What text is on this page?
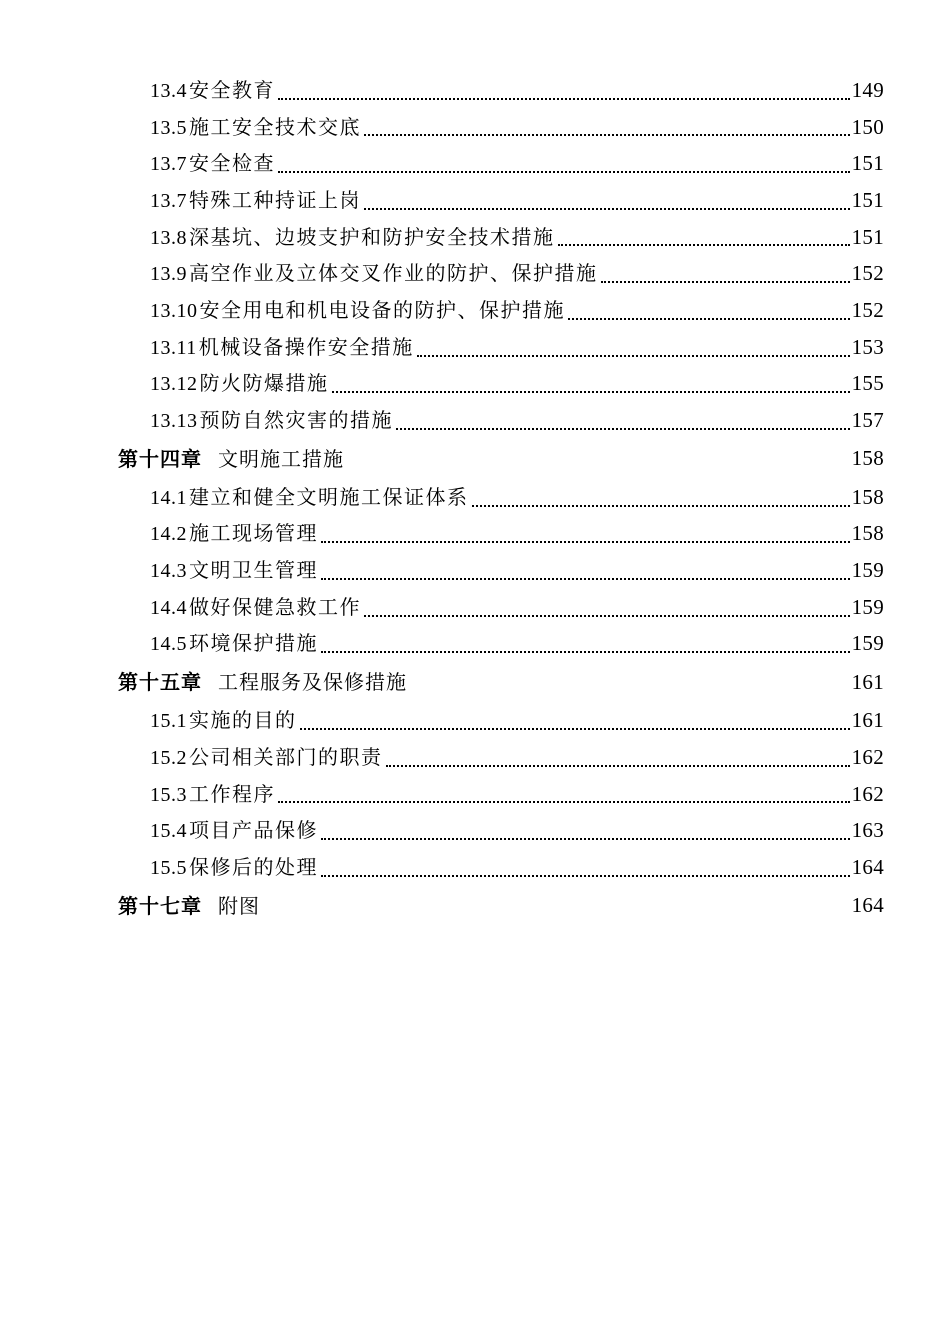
13.4 安全教育	149
13.5 施工安全技术交底	150
13.7 安全检查	151
13.7 特殊工种持证上岗	151
13.8 深基坑、边坡支护和防护安全技术措施	151
13.9 高空作业及立体交叉作业的防护、保护措施	152
13.10 安全用电和机电设备的防护、保护措施	152
13.11 机械设备操作安全措施	153
13.12 防火防爆措施	155
13.13 预防自然灾害的措施	157
第十四章 文明施工措施	158
14.1 建立和健全文明施工保证体系	158
14.2 施工现场管理	158
14.3 文明卫生管理	159
14.4 做好保健急救工作	159
14.5 环境保护措施	159
第十五章 工程服务及保修措施	161
15.1 实施的目的	161
15.2 公司相关部门的职责	162
15.3 工作程序	162
15.4 项目产品保修	163
15.5 保修后的处理	164
第十七章 附图	164
